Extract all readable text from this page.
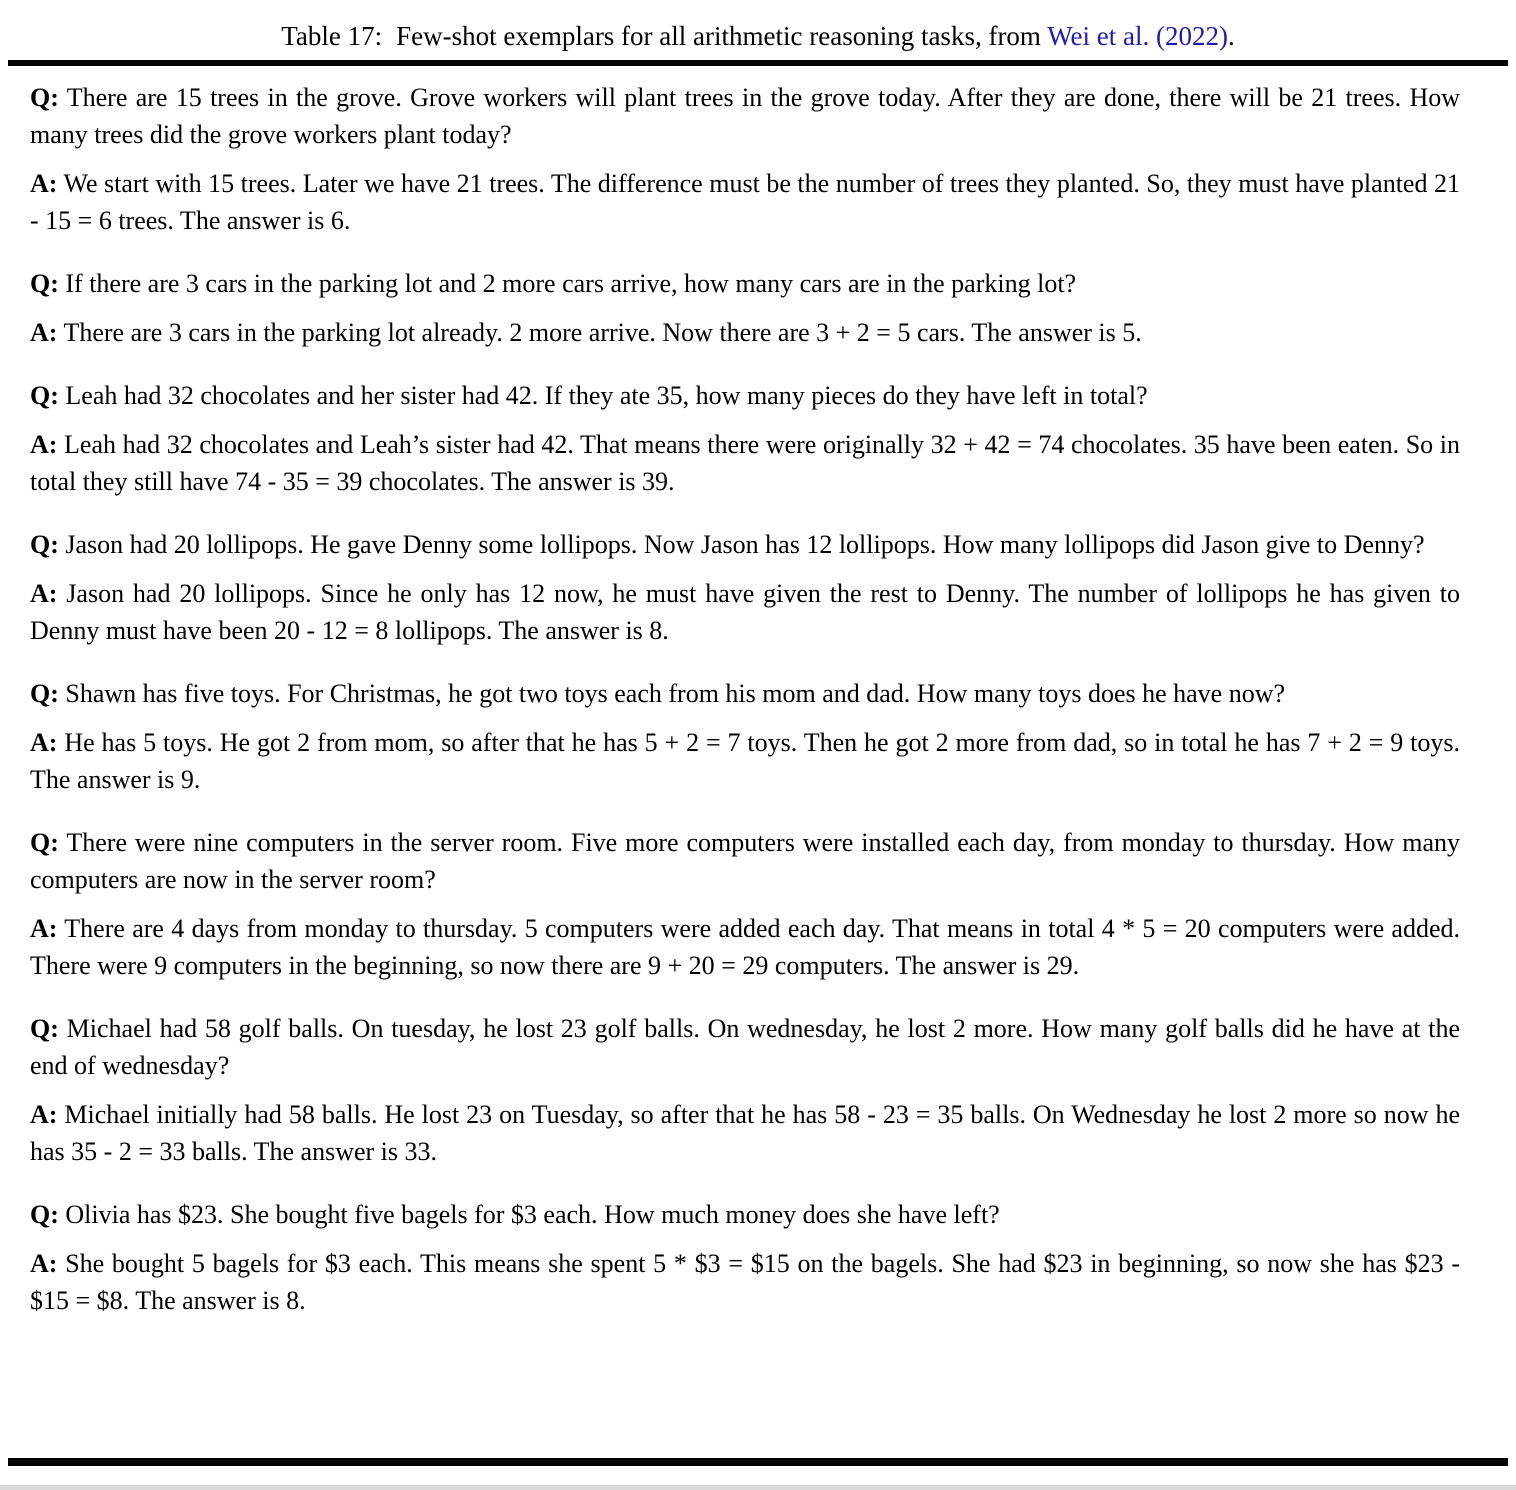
Table 17: Few-shot exemplars for all arithmetic reasoning tasks, from Wei et al. (2022).

Q: There are 15 trees in the grove. Grove workers will plant trees in the grove today. After they are done, there will be 21 trees. How many trees did the grove workers plant today?

A: We start with 15 trees. Later we have 21 trees. The difference must be the number of trees they planted. So, they must have planted 21 - 15 = 6 trees. The answer is 6.

Q: If there are 3 cars in the parking lot and 2 more cars arrive, how many cars are in the parking lot?

A: There are 3 cars in the parking lot already. 2 more arrive. Now there are 3 + 2 = 5 cars. The answer is 5.

Q: Leah had 32 chocolates and her sister had 42. If they ate 35, how many pieces do they have left in total?

A: Leah had 32 chocolates and Leah’s sister had 42. That means there were originally 32 + 42 = 74 chocolates. 35 have been eaten. So in total they still have 74 - 35 = 39 chocolates. The answer is 39.

Q: Jason had 20 lollipops. He gave Denny some lollipops. Now Jason has 12 lollipops. How many lollipops did Jason give to Denny?

A: Jason had 20 lollipops. Since he only has 12 now, he must have given the rest to Denny. The number of lollipops he has given to Denny must have been 20 - 12 = 8 lollipops. The answer is 8.

Q: Shawn has five toys. For Christmas, he got two toys each from his mom and dad. How many toys does he have now?

A: He has 5 toys. He got 2 from mom, so after that he has 5 + 2 = 7 toys. Then he got 2 more from dad, so in total he has 7 + 2 = 9 toys. The answer is 9.

Q: There were nine computers in the server room. Five more computers were installed each day, from monday to thursday. How many computers are now in the server room?

A: There are 4 days from monday to thursday. 5 computers were added each day. That means in total 4 * 5 = 20 computers were added. There were 9 computers in the beginning, so now there are 9 + 20 = 29 computers. The answer is 29.

Q: Michael had 58 golf balls. On tuesday, he lost 23 golf balls. On wednesday, he lost 2 more. How many golf balls did he have at the end of wednesday?

A: Michael initially had 58 balls. He lost 23 on Tuesday, so after that he has 58 - 23 = 35 balls. On Wednesday he lost 2 more so now he has 35 - 2 = 33 balls. The answer is 33.

Q: Olivia has $23. She bought five bagels for $3 each. How much money does she have left?

A: She bought 5 bagels for $3 each. This means she spent 5 * $3 = $15 on the bagels. She had $23 in beginning, so now she has $23 - $15 = $8. The answer is 8.
